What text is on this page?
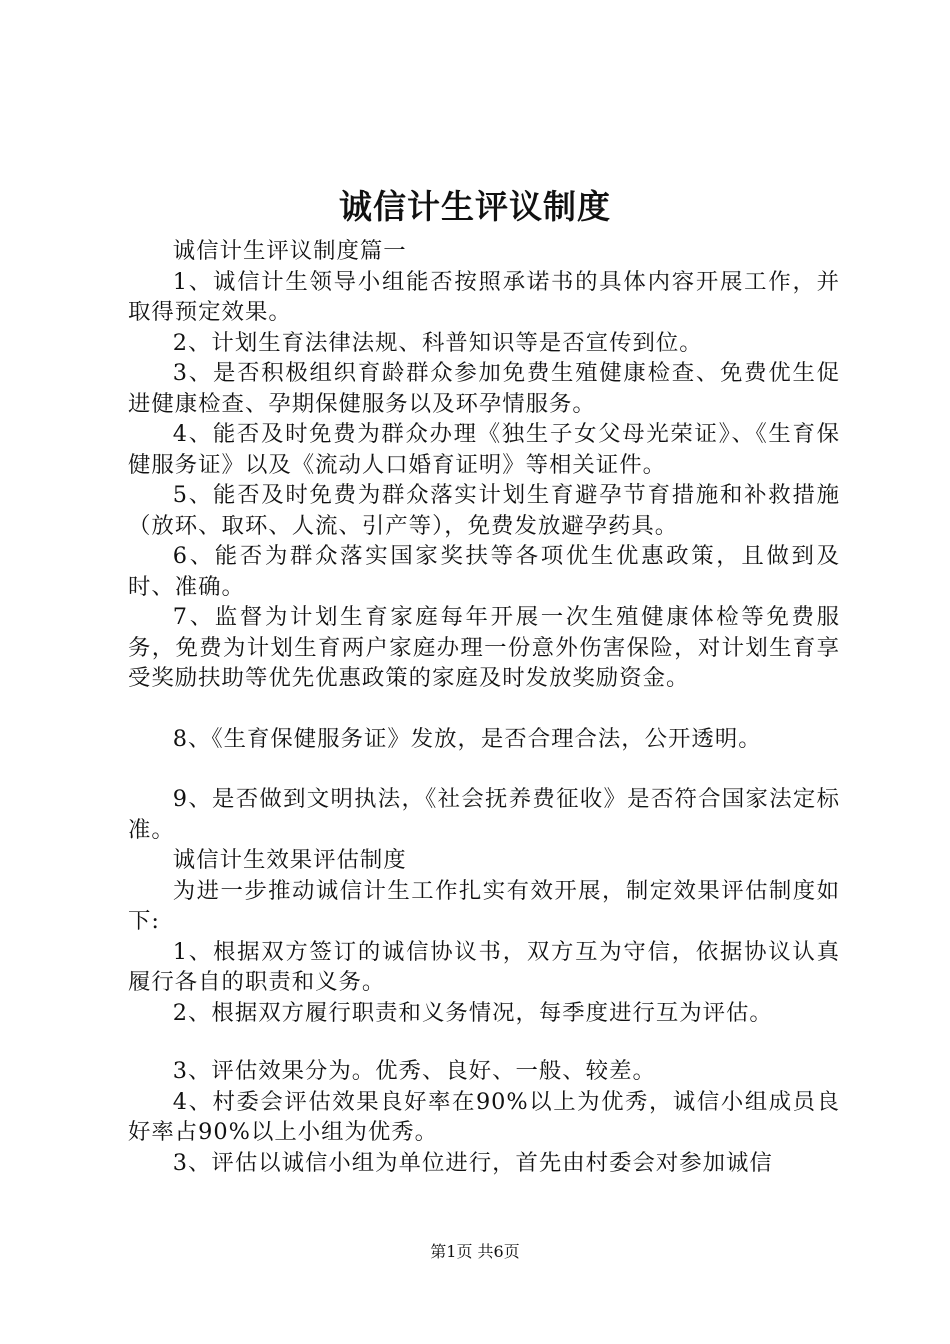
诚信计生评议制度

诚信计生评议制度篇一

1、诚信计生领导小组能否按照承诺书的具体内容开展工作，并取得预定效果。

2、计划生育法律法规、科普知识等是否宣传到位。

3、是否积极组织育龄群众参加免费生殖健康检查、免费优生促进健康检查、孕期保健服务以及环孕情服务。

4、能否及时免费为群众办理《独生子女父母光荣证》、《生育保健服务证》以及《流动人口婚育证明》等相关证件。

5、能否及时免费为群众落实计划生育避孕节育措施和补救措施（放环、取环、人流、引产等），免费发放避孕药具。

6、能否为群众落实国家奖扶等各项优生优惠政策，且做到及时、准确。

7、监督为计划生育家庭每年开展一次生殖健康体检等免费服务，免费为计划生育两户家庭办理一份意外伤害保险，对计划生育享受奖励扶助等优先优惠政策的家庭及时发放奖励资金。

8、《生育保健服务证》发放，是否合理合法，公开透明。

9、是否做到文明执法，《社会抚养费征收》是否符合国家法定标准。

诚信计生效果评估制度

为进一步推动诚信计生工作扎实有效开展，制定效果评估制度如下:

1、根据双方签订的诚信协议书，双方互为守信，依据协议认真履行各自的职责和义务。

2、根据双方履行职责和义务情况，每季度进行互为评估。

3、评估效果分为。优秀、良好、一般、较差。

4、村委会评估效果良好率在90%以上为优秀，诚信小组成员良好率占90%以上小组为优秀。

3、评估以诚信小组为单位进行，首先由村委会对参加诚信

第1页 共6页
